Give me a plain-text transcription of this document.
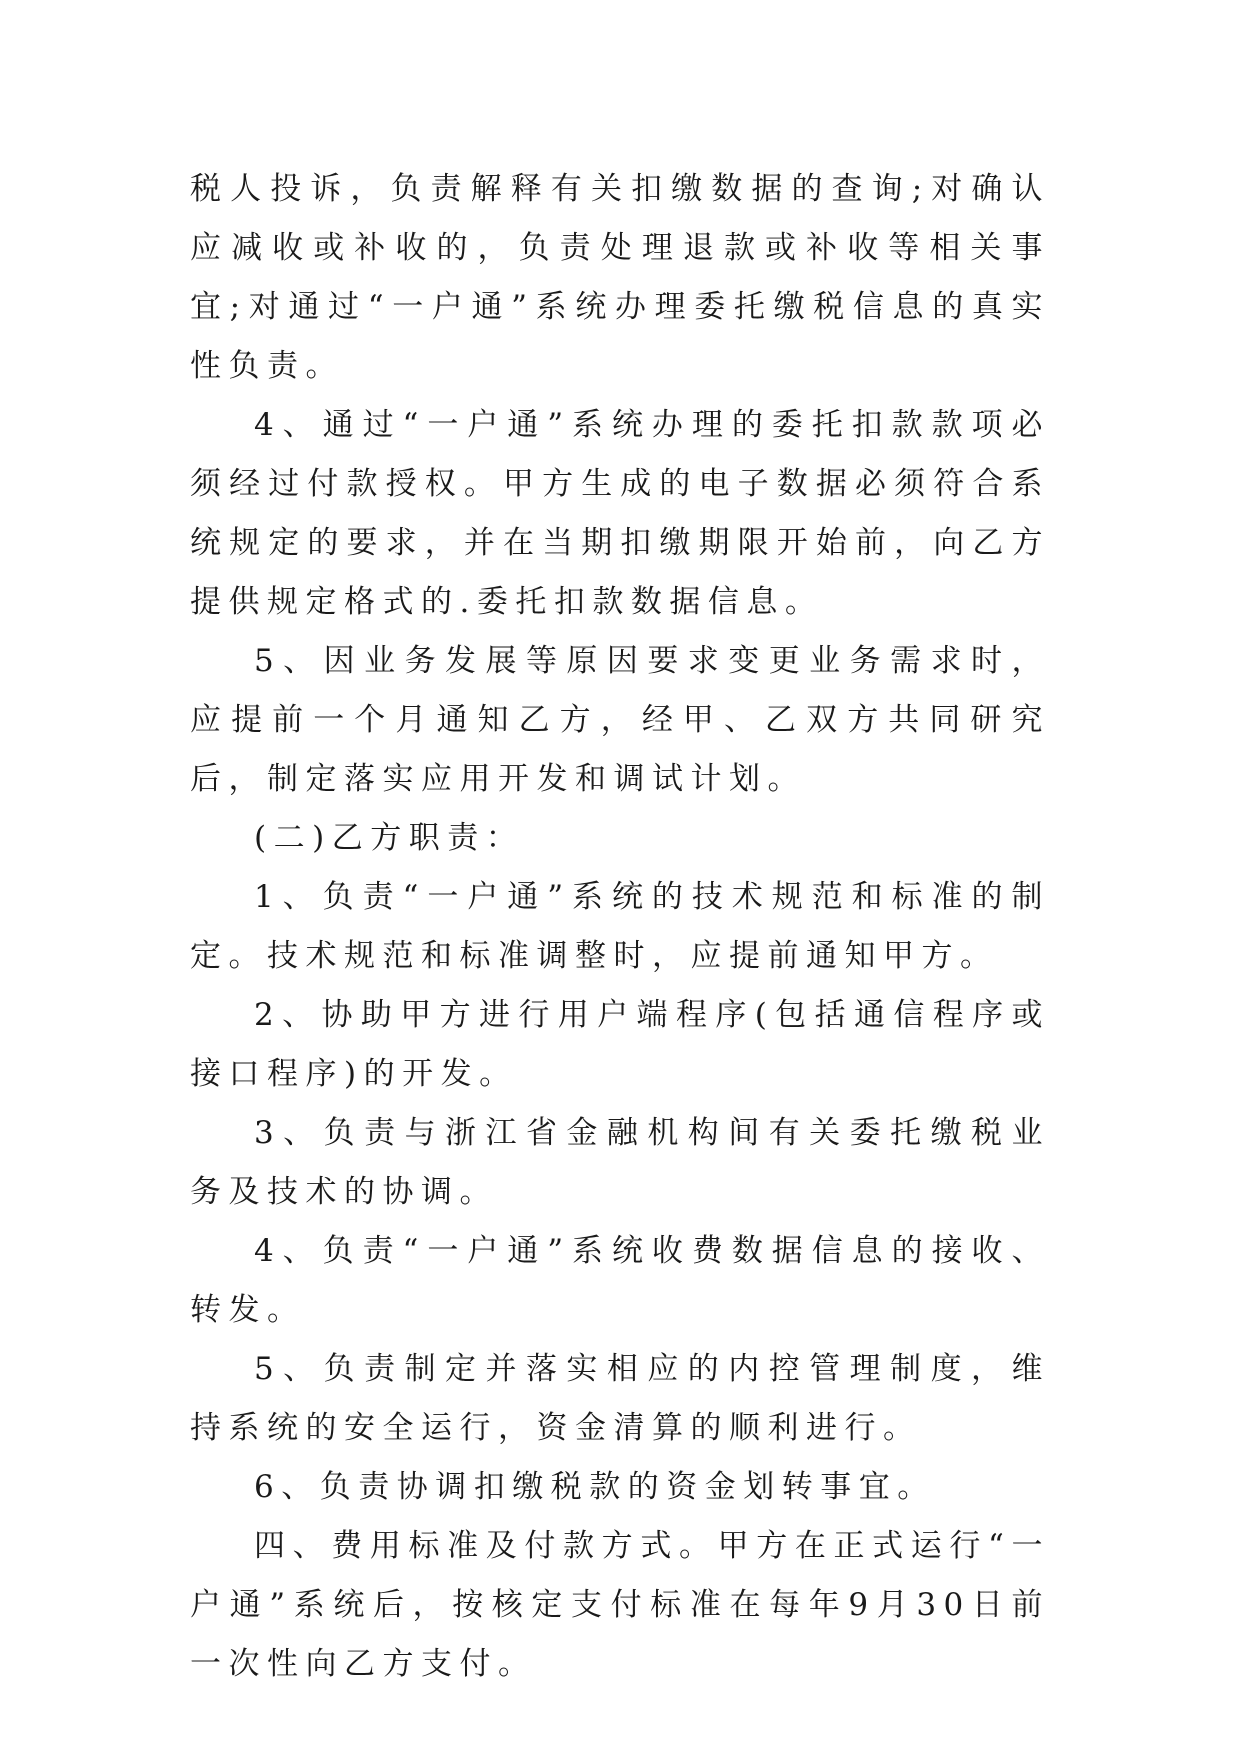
税人投诉，负责解释有关扣缴数据的查询;对确认应减收或补收的，负责处理退款或补收等相关事宜;对通过“一户通”系统办理委托缴税信息的真实性负责。

4、通过“一户通”系统办理的委托扣款款项必须经过付款授权。甲方生成的电子数据必须符合系统规定的要求，并在当期扣缴期限开始前，向乙方提供规定格式的.委托扣款数据信息。

5、因业务发展等原因要求变更业务需求时，应提前一个月通知乙方，经甲、乙双方共同研究后，制定落实应用开发和调试计划。

(二)乙方职责：

1、负责“一户通”系统的技术规范和标准的制定。技术规范和标准调整时，应提前通知甲方。

2、协助甲方进行用户端程序(包括通信程序或接口程序)的开发。

3、负责与浙江省金融机构间有关委托缴税业务及技术的协调。

4、负责“一户通”系统收费数据信息的接收、转发。

5、负责制定并落实相应的内控管理制度，维持系统的安全运行，资金清算的顺利进行。

6、负责协调扣缴税款的资金划转事宜。

四、费用标准及付款方式。甲方在正式运行“一户通”系统后，按核定支付标准在每年9月30日前一次性向乙方支付。
